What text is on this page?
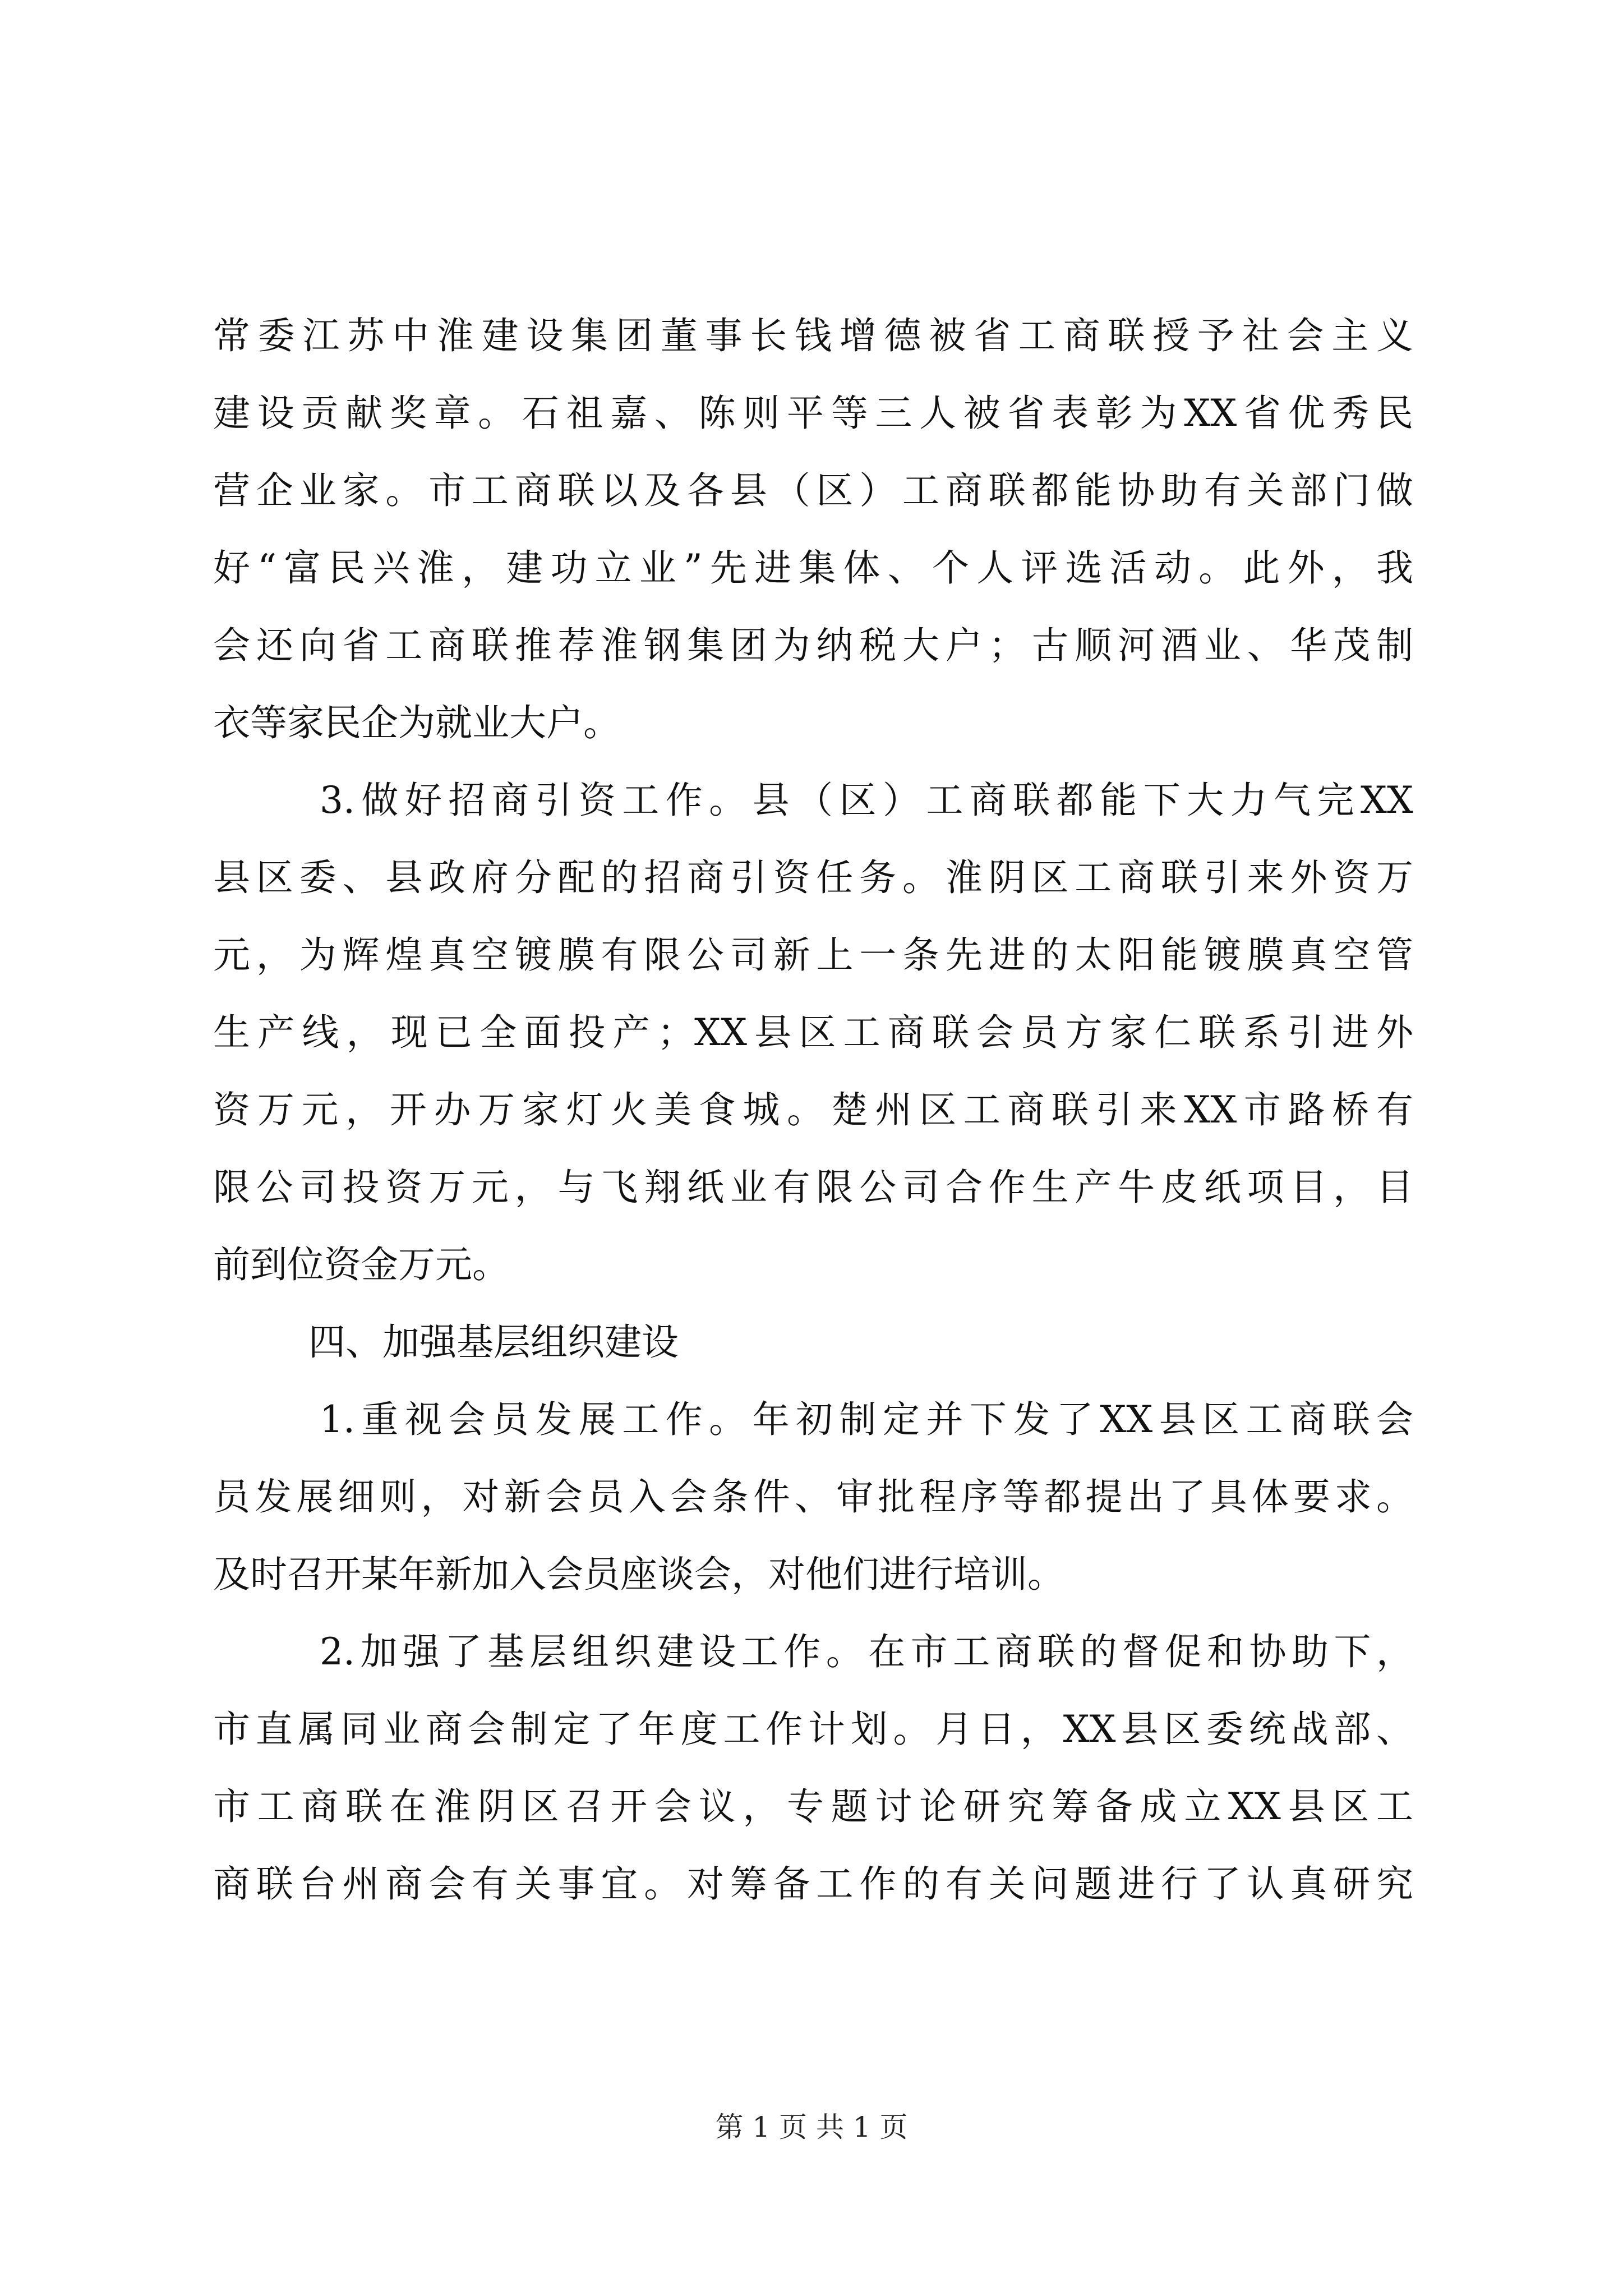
常委江苏中淮建设集团董事长钱增德被省工商联授予社会主义
建设贡献奖章。石祖嘉、陈则平等三人被省表彰为XX省优秀民
营企业家。市工商联以及各县（区）工商联都能协助有关部门做
好“富民兴淮，建功立业”先进集体、个人评选活动。此外，我
会还向省工商联推荐淮钢集团为纳税大户；古顺河酒业、华茂制
衣等家民企为就业大户。
3.做好招商引资工作。县（区）工商联都能下大力气完XX
县区委、县政府分配的招商引资任务。淮阴区工商联引来外资万
元，为辉煌真空镀膜有限公司新上一条先进的太阳能镀膜真空管
生产线，现已全面投产；XX县区工商联会员方家仁联系引进外
资万元，开办万家灯火美食城。楚州区工商联引来XX市路桥有
限公司投资万元，与飞翔纸业有限公司合作生产牛皮纸项目，目
前到位资金万元。
四、加强基层组织建设
1.重视会员发展工作。年初制定并下发了XX县区工商联会
员发展细则，对新会员入会条件、审批程序等都提出了具体要求。
及时召开某年新加入会员座谈会，对他们进行培训。
2.加强了基层组织建设工作。在市工商联的督促和协助下，
市直属同业商会制定了年度工作计划。月日，XX县区委统战部、
市工商联在淮阴区召开会议，专题讨论研究筹备成立XX县区工
商联台州商会有关事宜。对筹备工作的有关问题进行了认真研究
第 1 页 共 1 页
